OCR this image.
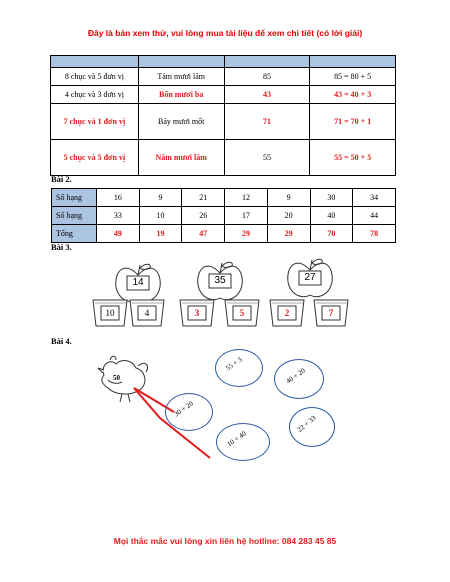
Đây là bản xem thử, vui lòng mua tài liệu để xem chi tiết (có lời giải)

8 chục và 5 đơn vị	Tám mươi lăm	85	85 = 80 + 5
4 chục và 3 đơn vị	Bốn mươi ba	43	43 = 40 + 3
7 chục và 1 đơn vị	Bảy mươi mốt	71	71 = 70 + 1
5 chục và 5 đơn vị	Năm mươi lăm	55	55 = 50 + 5
Bài 2.
Số hạng	16	9	21	12	9	30	34
Số hạng	33	10	26	17	20	40	44
Tổng	49	19	47	29	29	70	78
Bài 3.
14	35	27
10	4	3	5	2	7
Bài 4.
50
55 + 3
40 + 20
30 + 20
10 + 40
22 + 33
Mọi thắc mắc vui lòng xin liên hệ hotline: 084 283 45 85
